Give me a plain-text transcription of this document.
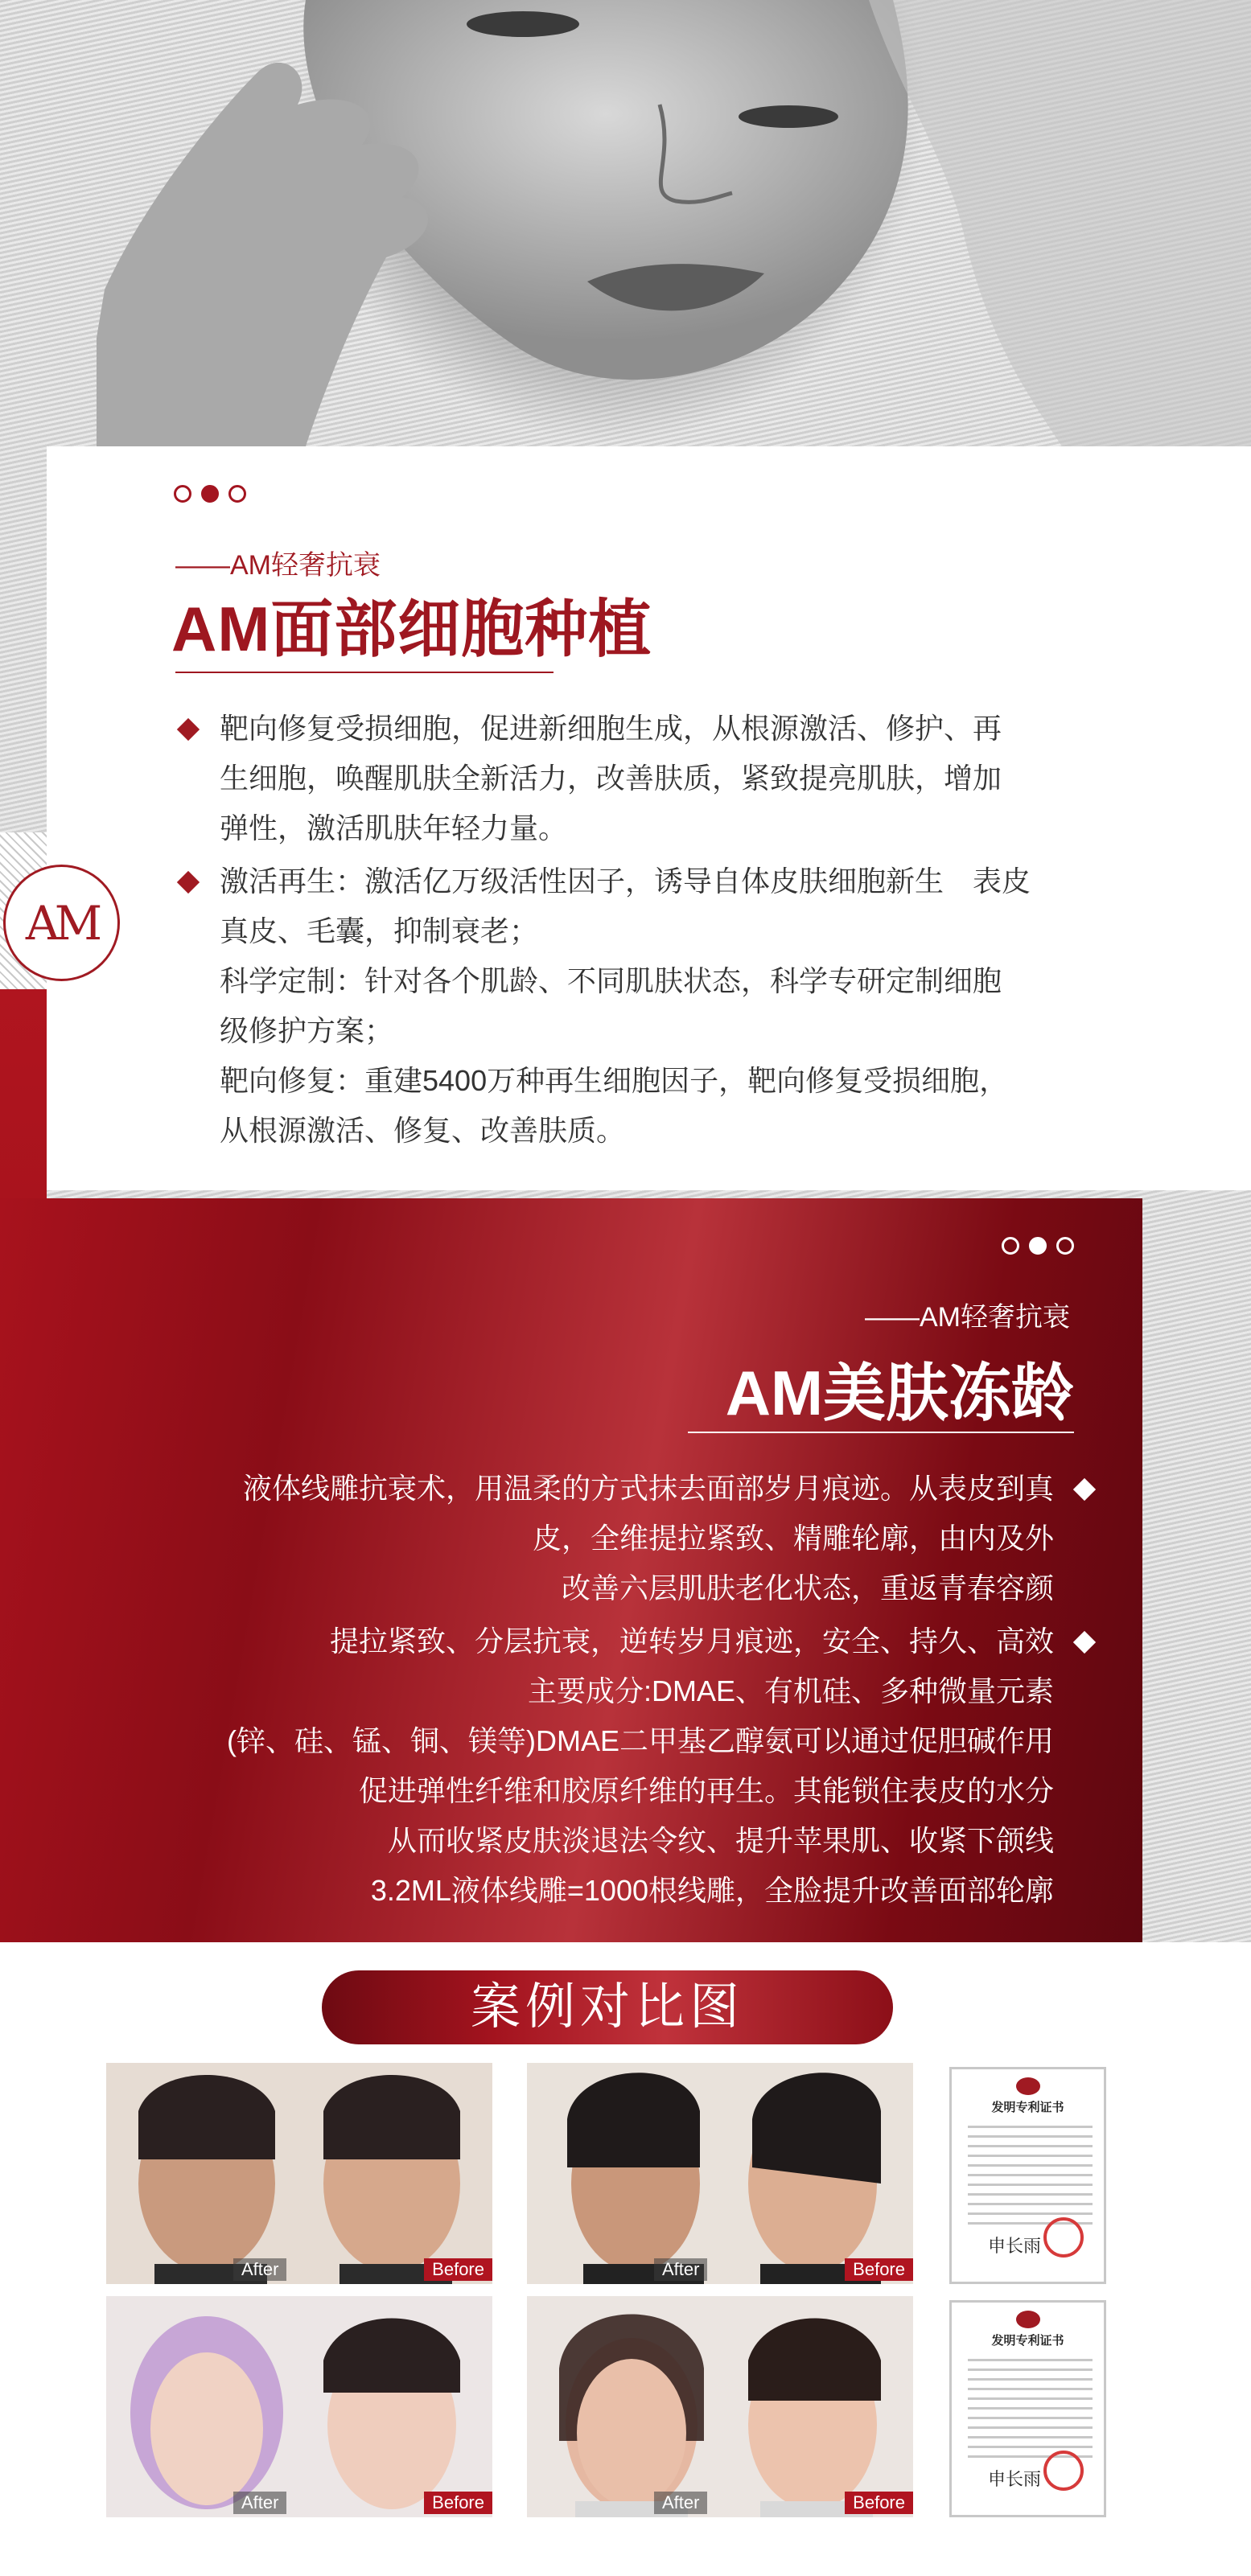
——AM轻奢抗衰
AM面部细胞种植

靶向修复受损细胞，促进新细胞生成，从根源激活、修护、再

生细胞，唤醒肌肤全新活力，改善肤质，紧致提亮肌肤，增加

弹性，激活肌肤年轻力量。

激活再生：激活亿万级活性因子，诱导自体皮肤细胞新生　表皮

真皮、毛囊，抑制衰老；

科学定制：针对各个肌龄、不同肌肤状态，科学专研定制细胞

级修护方案；

靶向修复：重建5400万种再生细胞因子，靶向修复受损细胞，

从根源激活、修复、改善肤质。

AM
——AM轻奢抗衰
AM美肤冻龄
液体线雕抗衰术，用温柔的方式抹去面部岁月痕迹。从表皮到真
皮，全维提拉紧致、精雕轮廓，由内及外
改善六层肌肤老化状态，重返青春容颜
提拉紧致、分层抗衰，逆转岁月痕迹，安全、持久、高效
主要成分:DMAE、有机硅、多种微量元素
(锌、硅、锰、铜、镁等)DMAE二甲基乙醇氨可以通过促胆碱作用
促进弹性纤维和胶原纤维的再生。其能锁住表皮的水分
从而收紧皮肤淡退法令纹、提升苹果肌、收紧下颌线
3.2ML液体线雕=1000根线雕，全脸提升改善面部轮廓
案例对比图
After	Before	After	Before
After	Before	After	Before
发明专利证书
申长雨
发明专利证书
申长雨
